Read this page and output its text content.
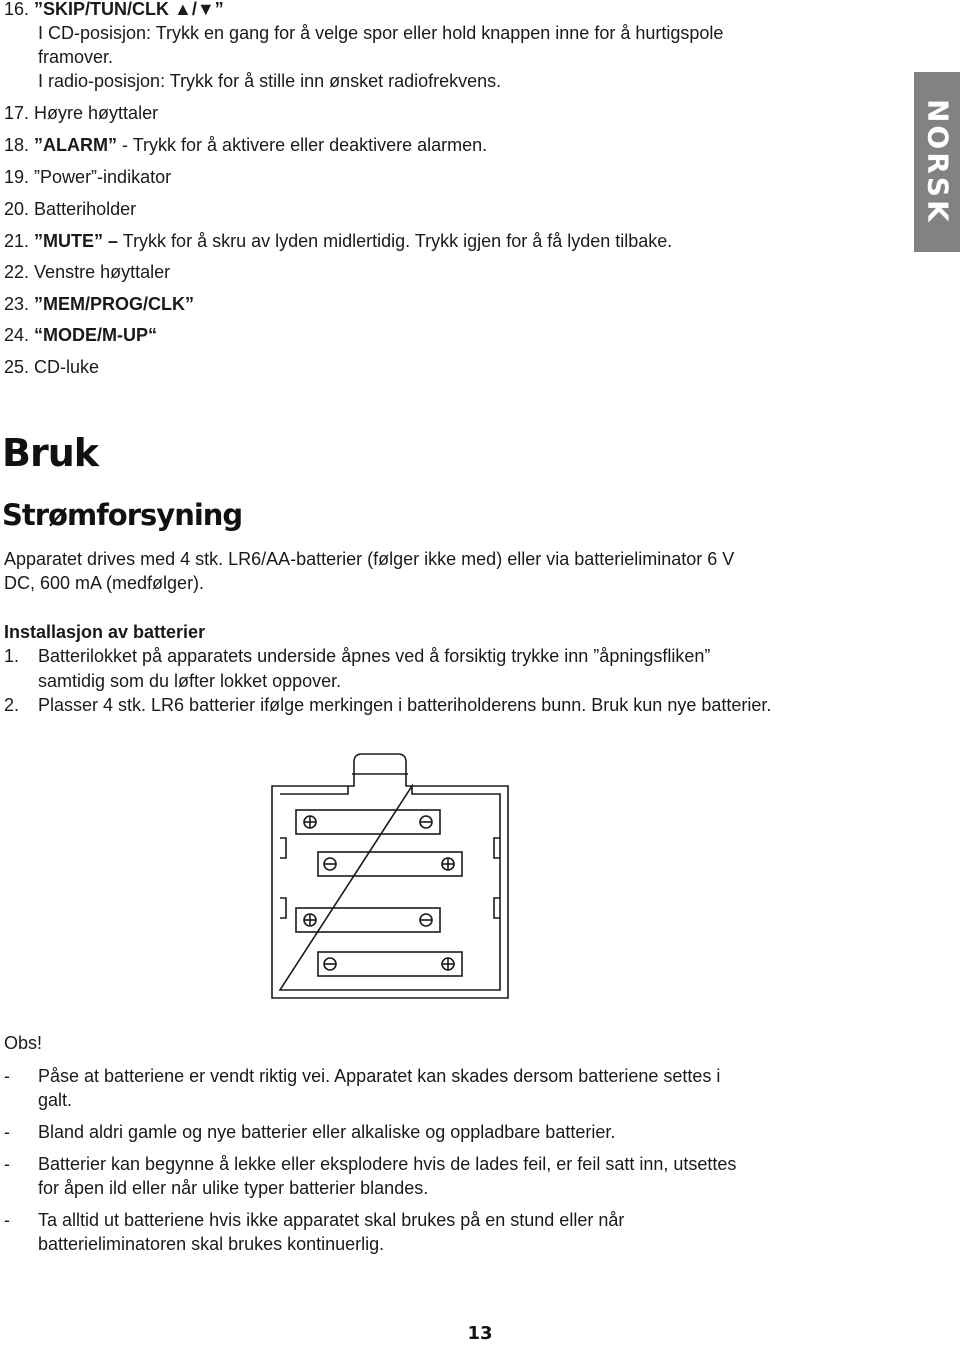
NORSK
16. ”SKIP/TUN/CLK ▲/▼”
I CD-posisjon: Trykk en gang for å velge spor eller hold knappen inne for å hurtigspole
framover.
I radio-posisjon: Trykk for å stille inn ønsket radiofrekvens.
17. Høyre høyttaler
18. ”ALARM” - Trykk for å aktivere eller deaktivere alarmen.
19. ”Power”-indikator
20. Batteriholder
21. ”MUTE” – Trykk for å skru av lyden midlertidig. Trykk igjen for å få lyden tilbake.
22. Venstre høyttaler
23. ”MEM/PROG/CLK”
24. “MODE/M-UP“
25. CD-luke
Bruk
Strømforsyning
Apparatet drives med 4 stk. LR6/AA-batterier (følger ikke med) eller via batterieliminator 6 V
DC, 600 mA (medfølger).
Installasjon av batterier
1. Batterilokket på apparatets underside åpnes ved å forsiktig trykke inn ”åpningsfliken”
samtidig som du løfter lokket oppover.
2. Plasser 4 stk. LR6 batterier ifølge merkingen i batteriholderens bunn. Bruk kun nye batterier.
Obs!
- Påse at batteriene er vendt riktig vei. Apparatet kan skades dersom batteriene settes i
galt.
- Bland aldri gamle og nye batterier eller alkaliske og oppladbare batterier.
- Batterier kan begynne å lekke eller eksplodere hvis de lades feil, er feil satt inn, utsettes
for åpen ild eller når ulike typer batterier blandes.
- Ta alltid ut batteriene hvis ikke apparatet skal brukes på en stund eller når
batterieliminatoren skal brukes kontinuerlig.
13
